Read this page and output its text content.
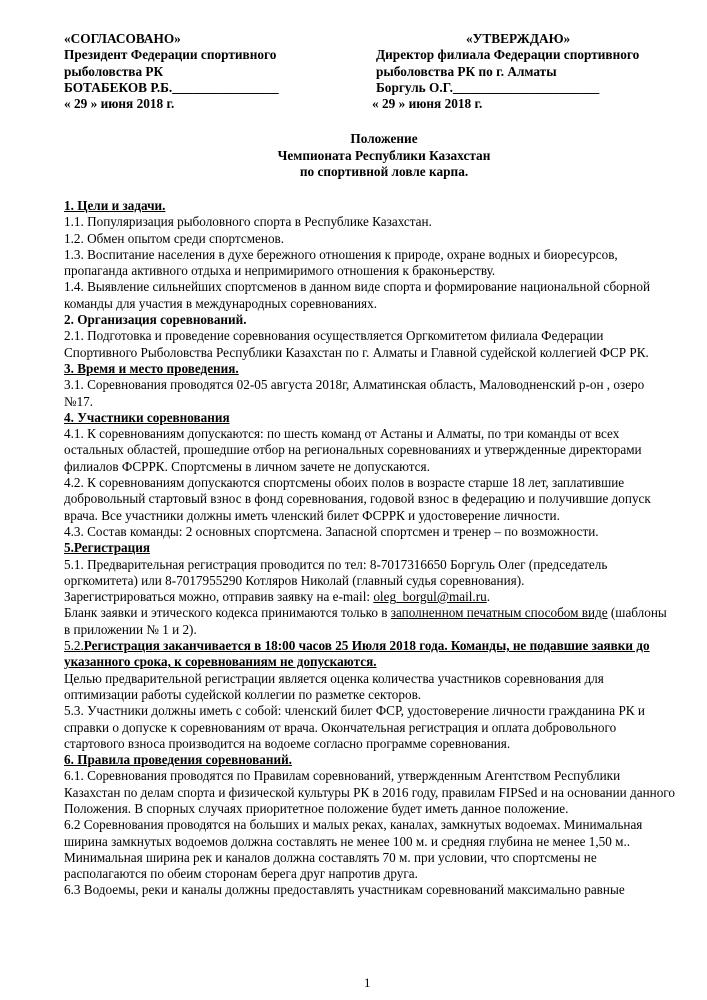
«СОГЛАСОВАНО»
Президент Федерации спортивного
рыболовства РК
БОТАБЕКОВ Р.Б.________________
« 29 » июня 2018 г.
«УТВЕРЖДАЮ»
Директор филиала Федерации спортивного
рыболовства РК по г. Алматы
Боргуль О.Г.______________________
« 29 » июня 2018 г.
Положение
Чемпионата Республики Казахстан
по спортивной ловле карпа.

1. Цели и задачи.

1.1. Популяризация рыболовного спорта в Республике Казахстан.

1.2. Обмен опытом среди спортсменов.

1.3. Воспитание населения в духе бережного отношения к природе, охране водных и биоресурсов, пропаганда активного отдыха и непримиримого отношения к браконьерству.

1.4. Выявление сильнейших спортсменов в данном виде спорта и формирование национальной сборной команды для участия в международных соревнованиях.

2. Организация соревнований.

2.1. Подготовка и проведение соревнования осуществляется Оргкомитетом филиала Федерации Спортивного Рыболовства Республики Казахстан по г. Алматы и Главной судейской коллегией ФСР РК.

3. Время и место проведения.

3.1. Соревнования проводятся 02-05 августа 2018г, Алматинская область, Маловодненский р-он , озеро №17.

4. Участники соревнования

4.1. К соревнованиям допускаются: по шесть команд от Астаны и Алматы, по три команды от всех остальных областей, прошедшие отбор на региональных соревнованиях и утвержденные директорами филиалов ФСРРК. Спортсмены в личном зачете не допускаются.

4.2. К соревнованиям допускаются спортсмены обоих полов в возрасте старше 18 лет, заплатившие добровольный стартовый взнос в фонд соревнования, годовой взнос в федерацию и получившие допуск врача. Все участники должны иметь членский билет ФСРРК и удостоверение личности.

4.3. Состав команды: 2 основных спортсмена. Запасной спортсмен и тренер – по возможности.

5.Регистрация

5.1. Предварительная регистрация проводится по тел: 8-7017316650 Боргуль Олег (председатель оргкомитета) или 8-7017955290 Котляров Николай (главный судья соревнования).

Зарегистрироваться можно, отправив заявку на e-mail: oleg_borgul@mail.ru.

Бланк заявки и этического кодекса принимаются только в заполненном печатным способом виде (шаблоны в приложении № 1 и 2).

5.2.Регистрация заканчивается в 18:00 часов 25 Июля 2018 года. Команды, не подавшие заявки до указанного срока, к соревнованиям не допускаются.

Целью предварительной регистрации является оценка количества участников соревнования для оптимизации работы судейской коллегии по разметке секторов.

5.3. Участники должны иметь с собой: членский билет ФСР, удостоверение личности гражданина РК и справки о допуске к соревнованиям от врача. Окончательная регистрация и оплата добровольного стартового взноса производится на водоеме согласно программе соревнования.

6. Правила проведения соревнований.

6.1. Соревнования проводятся по Правилам соревнований, утвержденным Агентством Республики Казахстан по делам спорта и физической культуры РК в 2016 году, правилам FIPSed и на основании данного Положения. В спорных случаях приоритетное положение будет иметь данное положение.

6.2 Соревнования проводятся на больших и малых реках, каналах, замкнутых водоемах. Минимальная ширина замкнутых водоемов должна составлять не менее 100 м. и средняя глубина не менее 1,50 м.. Минимальная ширина рек и каналов должна составлять 70 м. при условии, что спортсмены не располагаются по обеим сторонам берега друг напротив друга.

6.3 Водоемы, реки и каналы должны предоставлять участникам соревнований максимально равные

1
